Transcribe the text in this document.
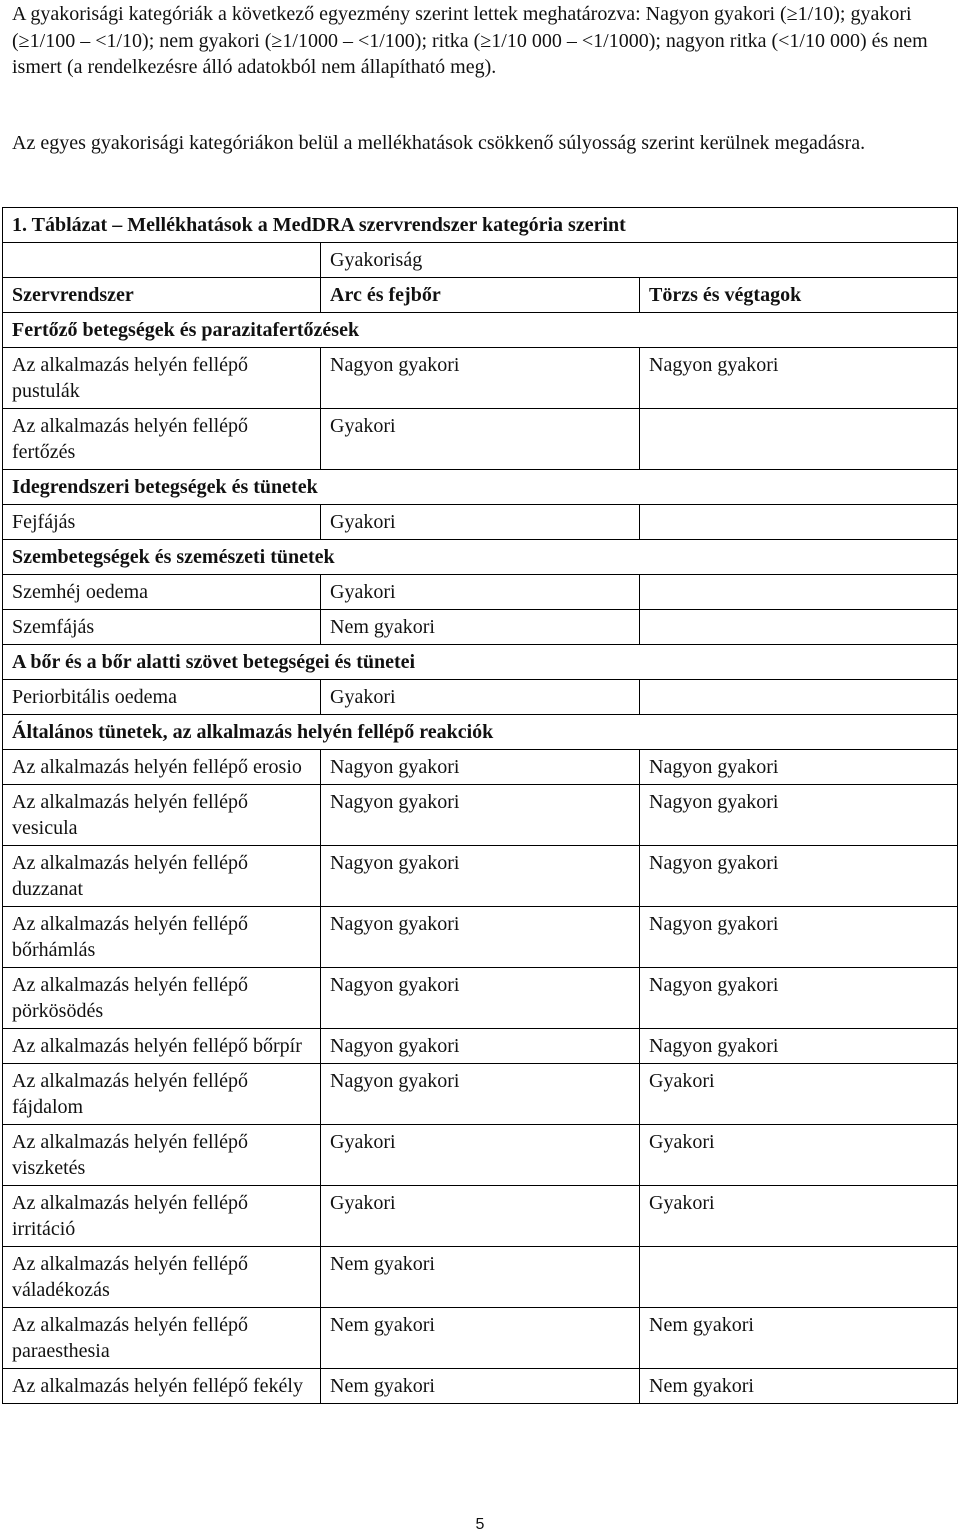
A gyakorisági kategóriák a következő egyezmény szerint lettek meghatározva: Nagyon gyakori (≥1/10); gyakori (≥1/100 – <1/10); nem gyakori (≥1/1000 – <1/100); ritka (≥1/10 000 – <1/1000); nagyon ritka (<1/10 000) és nem ismert (a rendelkezésre álló adatokból nem állapítható meg).

Az egyes gyakorisági kategóriákon belül a mellékhatások csökkenő súlyosság szerint kerülnek megadásra.

1. Táblázat – Mellékhatások a MedDRA szervrendszer kategória szerint		
	Gyakoriság	
Szervrendszer	Arc és fejbőr	Törzs és végtagok
Fertőző betegségek és parazitafertőzések		
Az alkalmazás helyén fellépő pustulák	Nagyon gyakori	Nagyon gyakori
Az alkalmazás helyén fellépő fertőzés	Gyakori	
Idegrendszeri betegségek és tünetek		
Fejfájás	Gyakori	
Szembetegségek és szemészeti tünetek		
Szemhéj oedema	Gyakori	
Szemfájás	Nem gyakori	
A bőr és a bőr alatti szövet betegségei és tünetei		
Periorbitális oedema	Gyakori	
Általános tünetek, az alkalmazás helyén fellépő reakciók		
Az alkalmazás helyén fellépő erosio	Nagyon gyakori	Nagyon gyakori
Az alkalmazás helyén fellépő vesicula	Nagyon gyakori	Nagyon gyakori
Az alkalmazás helyén fellépő duzzanat	Nagyon gyakori	Nagyon gyakori
Az alkalmazás helyén fellépő bőrhámlás	Nagyon gyakori	Nagyon gyakori
Az alkalmazás helyén fellépő pörkösödés	Nagyon gyakori	Nagyon gyakori
Az alkalmazás helyén fellépő bőrpír	Nagyon gyakori	Nagyon gyakori
Az alkalmazás helyén fellépő fájdalom	Nagyon gyakori	Gyakori
Az alkalmazás helyén fellépő viszketés	Gyakori	Gyakori
Az alkalmazás helyén fellépő irritáció	Gyakori	Gyakori
Az alkalmazás helyén fellépő váladékozás	Nem gyakori	
Az alkalmazás helyén fellépő paraesthesia	Nem gyakori	Nem gyakori
Az alkalmazás helyén fellépő fekély	Nem gyakori	Nem gyakori
5
